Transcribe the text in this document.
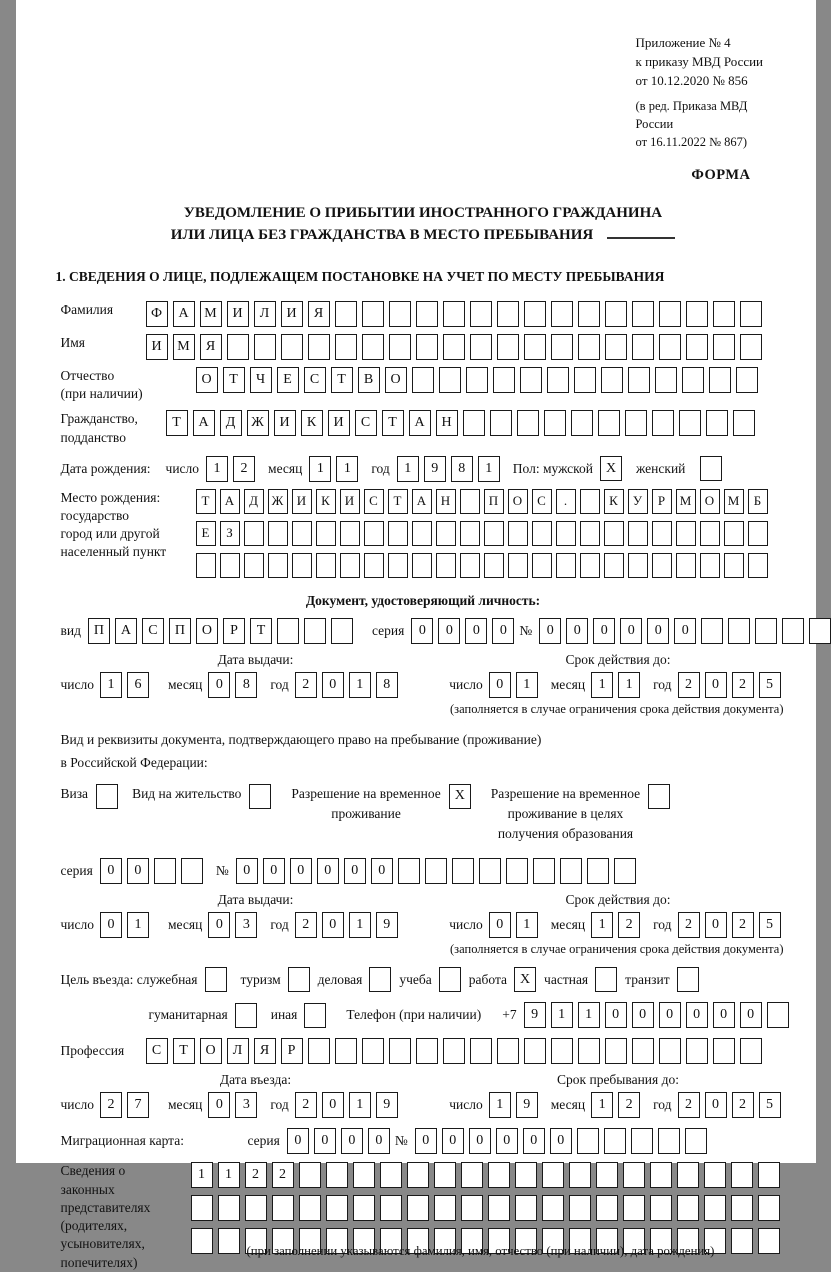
Приложение № 4
к приказу МВД России
от 10.12.2020 № 856
(в ред. Приказа МВД России
от 16.11.2022 № 867)
ФОРМА
УВЕДОМЛЕНИЕ О ПРИБЫТИИ ИНОСТРАННОГО ГРАЖДАНИНА
ИЛИ ЛИЦА БЕЗ ГРАЖДАНСТВА В МЕСТО ПРЕБЫВАНИЯ
1. СВЕДЕНИЯ О ЛИЦЕ, ПОДЛЕЖАЩЕМ ПОСТАНОВКЕ НА УЧЕТ ПО МЕСТУ ПРЕБЫВАНИЯ
Фамилия	Ф	А	М	И	Л	И	Я
Имя	И	М	Я
Отчество
(при наличии)
О	Т	Ч	Е	С	Т	В	О
Гражданство,
подданство
Т	А	Д	Ж	И	К	И	С	Т	А	Н
Дата рождения: число	1	2	месяц	1	1	год	1	9	8	1	Пол: мужской X	женский
Место рождения:
государство
город или другой
населенный пункт
Т	А	Д	Ж	И	К	И	С	Т	А	Н	П	О	С	.	К	У	Р	М	О	М	Б
Е	З
Документ, удостоверяющий личность:
вид П	А	С	П	О	Р	Т	серия	0	0	0	0 №	0	0	0	0	0	0
Дата выдачи:	Срок действия до:
число 1	6	месяц 0	8	год 2	0	1	8	число 0	1	месяц 1	1	год 2	0	2	5
(заполняется в случае ограничения срока действия документа)
Вид и реквизиты документа, подтверждающего право на пребывание (проживание)
в Российской Федерации:
Виза	Вид на жительство	Разрешение на временное
проживание
X	Разрешение на временное
проживание в целях
получения образования
серия	0	0	№	0	0	0	0	0	0
Дата выдачи:	Срок действия до:
число 0	1	месяц 0	3	год 2	0	1	9	число 0	1	месяц 1	2	год 2	0	2	5
(заполняется в случае ограничения срока действия документа)
Цель въезда: служебная	туризм	деловая	учеба	работа X	частная	транзит
гуманитарная	иная	Телефон (при наличии) +7	9	1	1	0	0	0	0	0	0
Профессия	С	Т	О	Л	Я	Р
Дата въезда:	Срок пребывания до:
число 2	7	месяц 0	3	год 2	0	1	9	число 1	9	месяц 1	2	год 2	0	2	5
Миграционная карта:	серия	0	0	0	0 №	0	0	0	0	0	0
Сведения о
законных
представителях
(родителях,
усыновителях,
попечителях)
1	1	2	2
(при заполнении указываются фамилия, имя, отчество (при наличии), дата рождения)
